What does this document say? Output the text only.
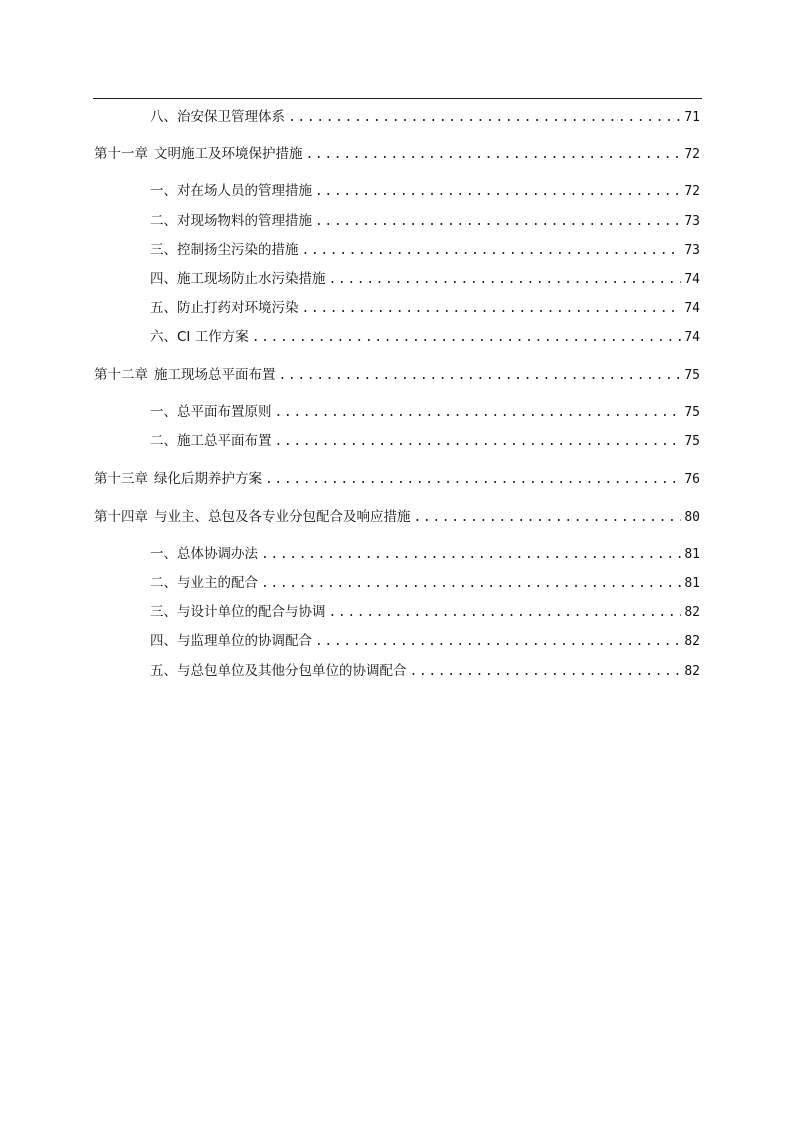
八、 治安保卫管理体系 .....	71
第十一章 文明施工及环境保护措施 .....	72
一、 对在场人员的管理措施 .....	72
二、 对现场物料的管理措施 .....	73
三、 控制扬尘污染的措施 .....	73
四、 施工现场防止水污染措施 .....	74
五、 防止打药对环境污染 .....	74
六、 CI 工作方案 .....	74
第十二章 施工现场总平面布置 .....	75
一、 总平面布置原则 .....	75
二、 施工总平面布置 .....	75
第十三章 绿化后期养护方案 .....	76
第十四章 与业主、总包及各专业分包配合及响应措施 .....	80
一、 总体协调办法 .....	81
二、 与业主的配合 .....	81
三、 与设计单位的配合与协调 .....	82
四、 与监理单位的协调配合 .....	82
五、 与总包单位及其他分包单位的协调配合 .....	82
